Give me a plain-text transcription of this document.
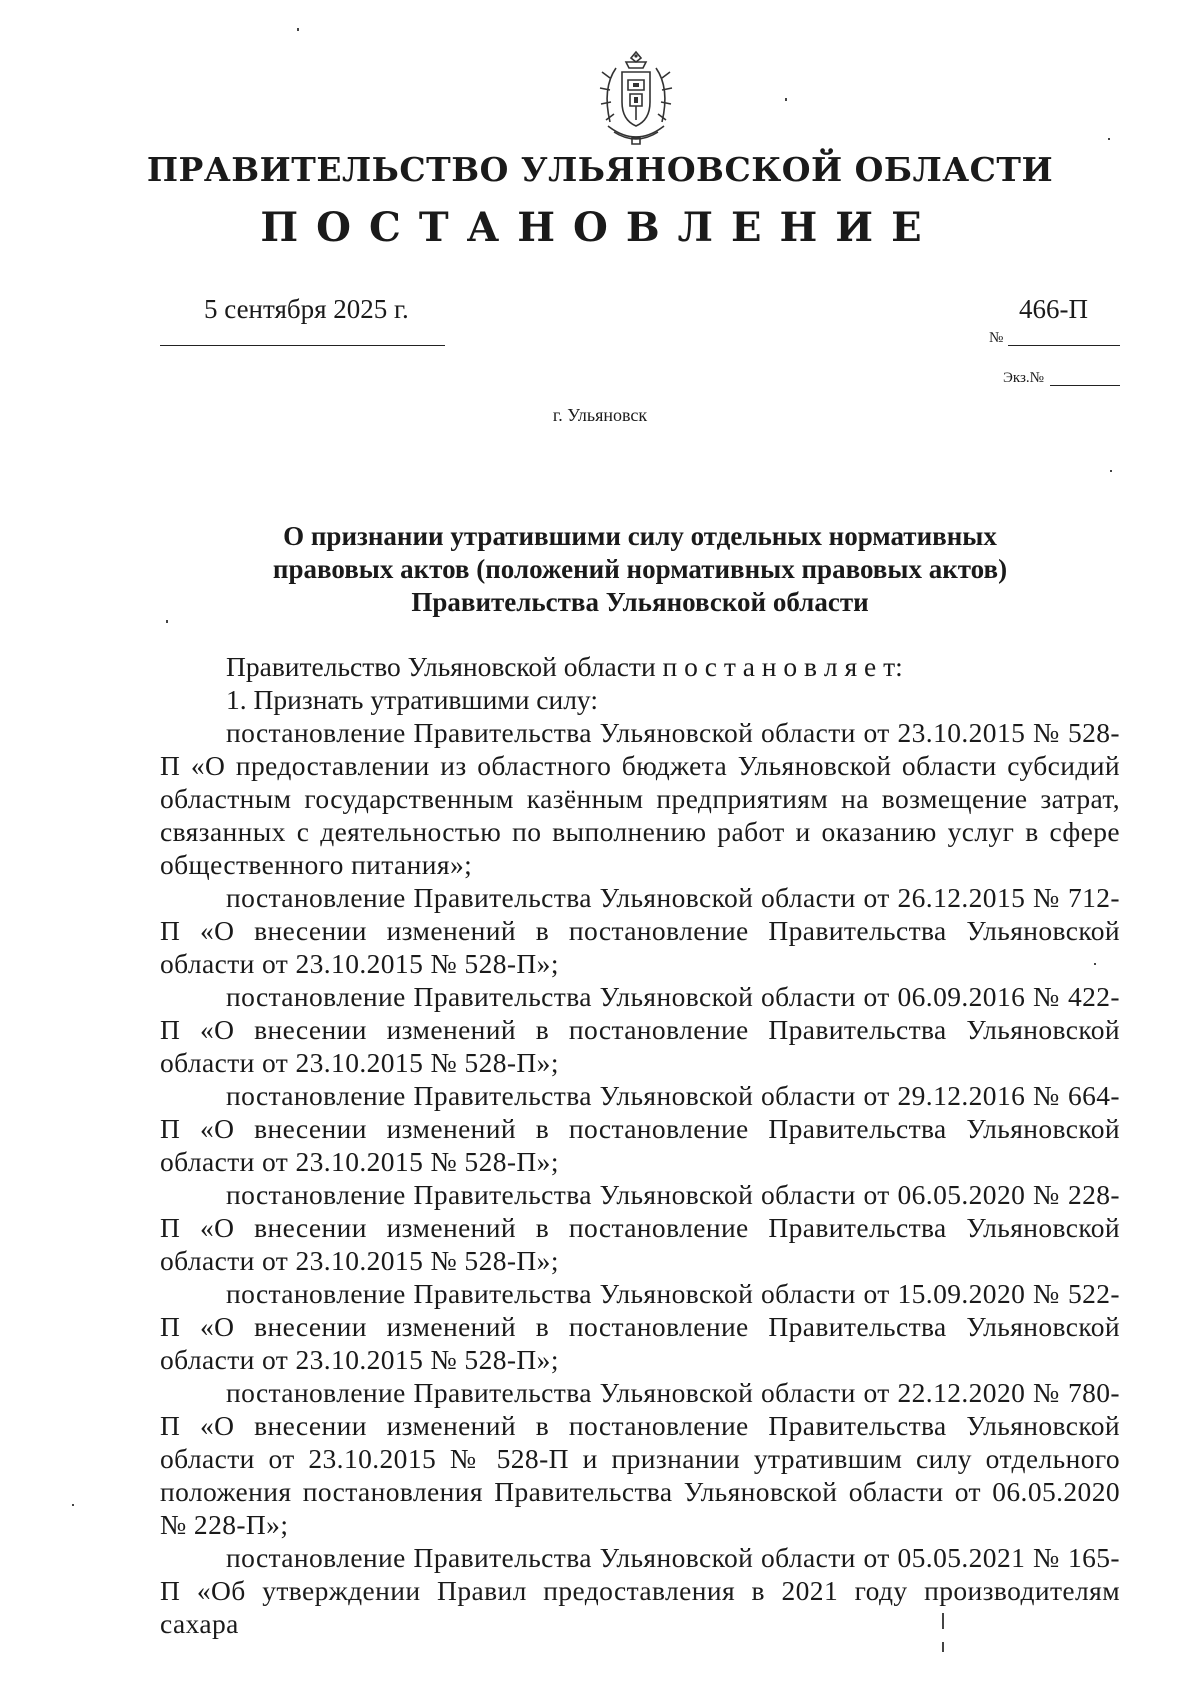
ПРАВИТЕЛЬСТВО УЛЬЯНОВСКОЙ ОБЛАСТИ
ПОСТАНОВЛЕНИЕ
5 сентября 2025 г.	466-П
№
Экз.№
г. Ульяновск
О признании утратившими силу отдельных нормативных
правовых актов (положений нормативных правовых актов)
Правительства Ульяновской области

Правительство Ульяновской области п о с т а н о в л я е т:

1. Признать утратившими силу:

постановление Правительства Ульяновской области от 23.10.2015 № 528-П «О предоставлении из областного бюджета Ульяновской области субсидий областным государственным казённым предприятиям на возмещение затрат, связанных с деятельностью по выполнению работ и оказанию услуг в сфере общественного питания»;

постановление Правительства Ульяновской области от 26.12.2015 № 712-П «О внесении изменений в постановление Правительства Ульяновской области от 23.10.2015 № 528-П»;

постановление Правительства Ульяновской области от 06.09.2016 № 422-П «О внесении изменений в постановление Правительства Ульяновской области от 23.10.2015 № 528-П»;

постановление Правительства Ульяновской области от 29.12.2016 № 664-П «О внесении изменений в постановление Правительства Ульяновской области от 23.10.2015 № 528-П»;

постановление Правительства Ульяновской области от 06.05.2020 № 228-П «О внесении изменений в постановление Правительства Ульяновской области от 23.10.2015 № 528-П»;

постановление Правительства Ульяновской области от 15.09.2020 № 522-П «О внесении изменений в постановление Правительства Ульяновской области от 23.10.2015 № 528-П»;

постановление Правительства Ульяновской области от 22.12.2020 № 780-П «О внесении изменений в постановление Правительства Ульяновской области от 23.10.2015 № 528-П и признании утратившим силу отдельного положения постановления Правительства Ульяновской области от 06.05.2020 № 228-П»;

постановление Правительства Ульяновской области от 05.05.2021 № 165-П «Об утверждении Правил предоставления в 2021 году производителям сахара
